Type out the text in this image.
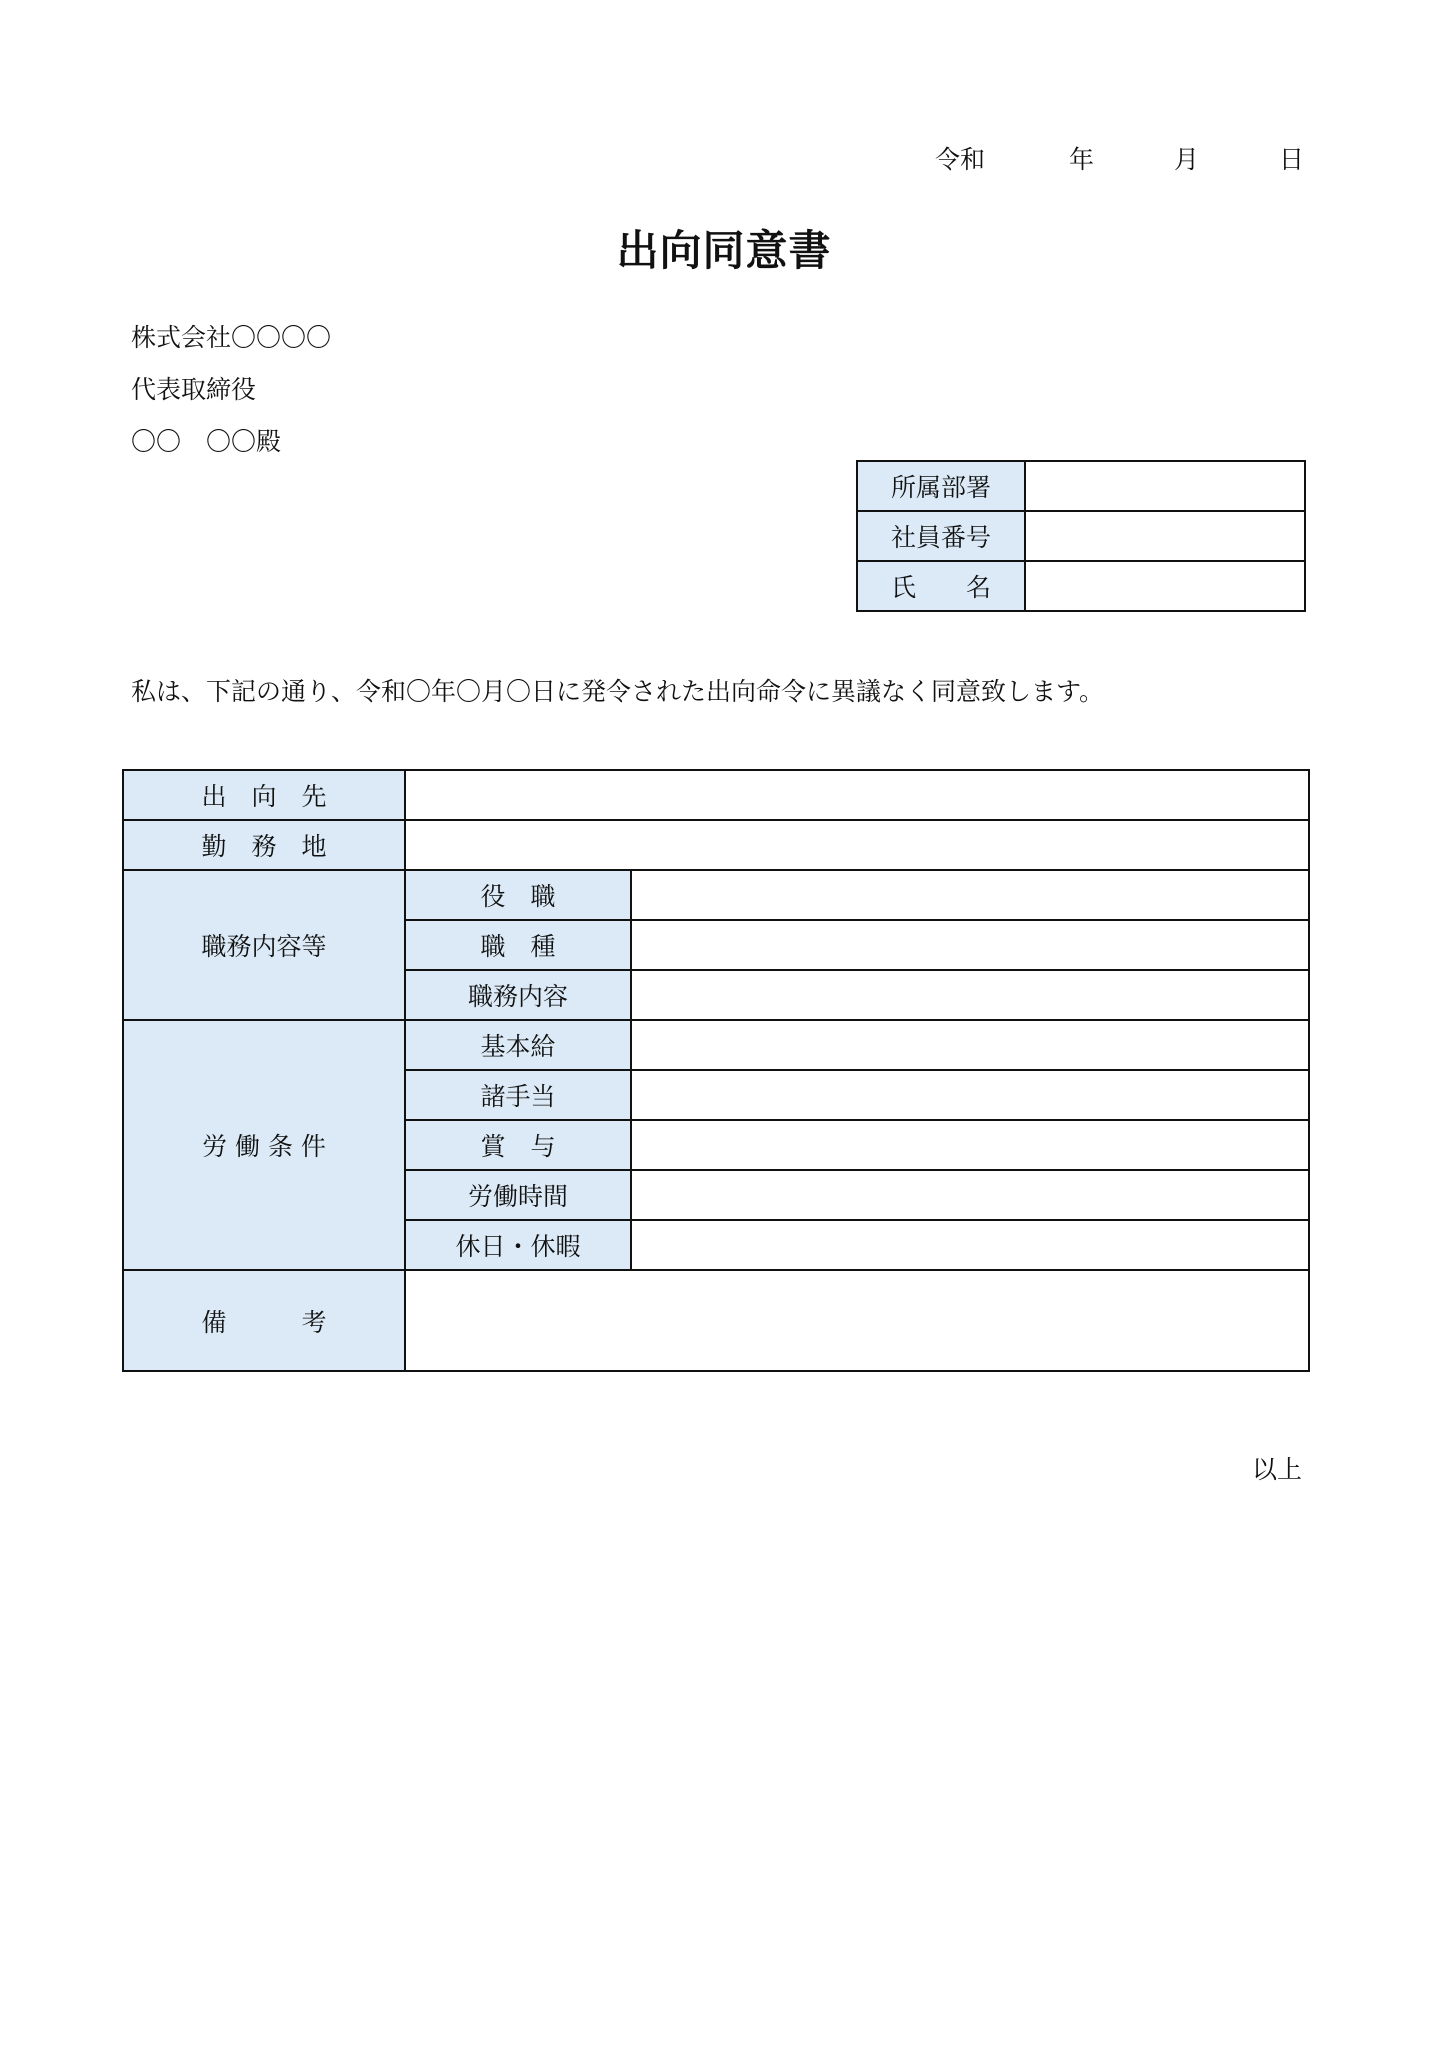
令和	年	月	日
出向同意書
株式会社〇〇〇〇
代表取締役
〇〇　〇〇殿
所属部署	
社員番号	
氏　　名	
私は、下記の通り、令和〇年〇月〇日に発令された出向命令に異議なく同意致します。
出　向　先		
勤　務　地		
職務内容等	役　職	
	職　種	
	職務内容	
労 働 条 件	基本給	
	諸手当	
	賞　与	
	労働時間	
	休日・休暇	
備　　　考		
以上
